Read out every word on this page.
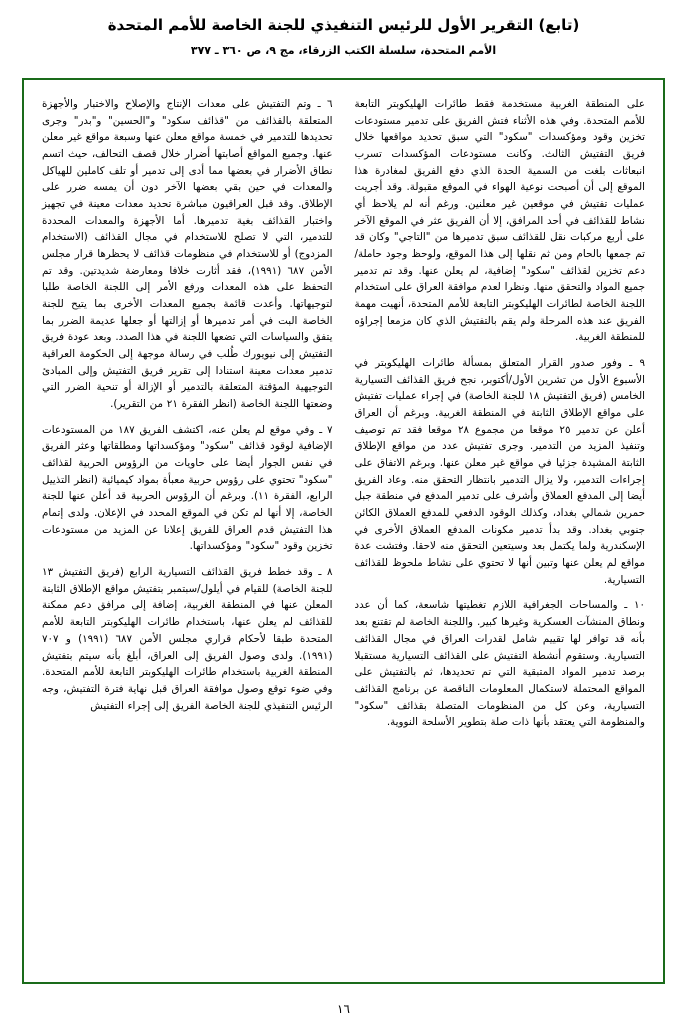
(تابع) التقرير الأول للرئيس التنفيذي للجنة الخاصة للأمم المتحدة
الأمم المتحدة، سلسلة الكتب الزرقاء، مج ٩، ص ٣٦٠ ـ ٣٧٧

على المنطقة الغربية مستخدمة فقط طائرات الهليكوبتر التابعة للأمم المتحدة. وفي هذه الأثناء فتش الفريق على تدمير مستودعات تخزين وقود ومؤكسدات "سكود" التي سبق تحديد مواقعها خلال فريق التفتيش الثالث. وكانت مستودعات المؤكسدات تسرب انبعاثات بلغت من السمية الحدة الذي دفع الفريق لمغادرة هذا الموقع إلى أن أصبحت نوعية الهواء في الموقع مقبولة. وقد أجريت عمليات تفتيش في موقعين غير معلنين. ورغم أنه لم يلاحظ أي نشاط للقذائف في أحد المرافق، إلا أن الفريق عثر في الموقع الآخر على أربع مركبات نقل للقذائف سبق تدميرها من "التاجي" وكان قد تم جمعها بالحام ومن ثم نقلها إلى هذا الموقع، ولوحظ وجود حاملة/دعم تخزين لقذائف "سكود" إضافية، لم يعلن عنها. وقد تم تدمير جميع المواد والتحقق منها. ونظرا لعدم موافقة العراق على استخدام اللجنة الخاصة لطائرات الهليكوبتر التابعة للأمم المتحدة، أنهيت مهمة الفريق عند هذه المرحلة ولم يقم بالتفتيش الذي كان مزمعا إجراؤه للمنطقة الغربية.

٩ ـ وفور صدور القرار المتعلق بمسألة طائرات الهليكوبتر في الأسبوع الأول من تشرين الأول/أكتوبر، نجح فريق القذائف التسيارية الخامس (فريق التفتيش ١٨ للجنة الخاصة) في إجراء عمليات تفتيش على مواقع الإطلاق الثابتة في المنطقة الغربية. وبرغم أن العراق أعلن عن تدمير ٢٥ موقعا من مجموع ٢٨ موقعا فقد تم توصيف وتنفيذ المزيد من التدمير. وجرى تفتيش عدد من مواقع الإطلاق الثابتة المشيدة جزئيا في مواقع غير معلن عنها. وبرغم الاتفاق على إجراءات التدمير، ولا يزال التدمير بانتظار التحقق منه. وعاد الفريق أيضا إلى المدفع العملاق وأشرف على تدمير المدفع في منطقة جبل حمرين شمالي بغداد، وكذلك الوقود الدفعي للمدفع العملاق الكائن جنوبي بغداد. وقد بدأ تدمير مكونات المدفع العملاق الأخرى في الإسكندرية ولما يكتمل بعد وسيتعين التحقق منه لاحقا. وفتشت عدة مواقع لم يعلن عنها وتبين أنها لا تحتوي على نشاط ملحوظ للقذائف التسيارية.

١٠ ـ والمساحات الجغرافية اللازم تغطيتها شاسعة، كما أن عدد ونطاق المنشآت العسكرية وغيرها كبير. واللجنة الخاصة لم تقتنع بعد بأنه قد توافر لها تقييم شامل لقدرات العراق في مجال القذائف التسيارية. وستقوم أنشطة التفتيش على القذائف التسيارية مستقبلا برصد تدمير المواد المتبقية التي تم تحديدها، ثم بالتفتيش على المواقع المحتملة لاستكمال المعلومات الناقصة عن برنامج القذائف التسيارية، وعن كل من المنظومات المتصلة بقذائف "سكود" والمنظومة التي يعتقد بأنها ذات صلة بتطوير الأسلحة النووية.

٦ ـ وتم التفتيش على معدات الإنتاج والإصلاح والاختبار والأجهزة المتعلقة بالقذائف من "قذائف سكود" و"الحسين" و"بدر" وجرى تحديدها للتدمير في خمسة مواقع معلن عنها وسبعة مواقع غير معلن عنها. وجميع المواقع أصابتها أضرار خلال قصف التحالف، حيث اتسم نطاق الأضرار في بعضها مما أدى إلى تدمير أو تلف كاملين للهياكل والمعدات في حين بقي بعضها الآخر دون أن يمسه ضرر على الإطلاق. وقد قبل العراقيون مباشرة تحديد معدات معينة في تجهيز واختبار القذائف بغية تدميرها. أما الأجهزة والمعدات المحددة للتدمير، التي لا تصلح للاستخدام في مجال القذائف (الاستخدام المزدوج) أو للاستخدام في منظومات قذائف لا يحظرها قرار مجلس الأمن ٦٨٧ (١٩٩١)، فقد أثارت خلافا ومعارضة شديدتين. وقد تم التحفظ على هذه المعدات ورفع الأمر إلى اللجنة الخاصة طلبا لتوجيهاتها. وأعدت قائمة بجميع المعدات الأخرى بما يتيح للجنة الخاصة البت في أمر تدميرها أو إزالتها أو جعلها عديمة الضرر بما يتفق والسياسات التي تضعها اللجنة في هذا الصدد. وبعد عودة فريق التفتيش إلى نيويورك طُلب في رسالة موجهة إلى الحكومة العراقية تدمير معدات معينة استنادا إلى تقرير فريق التفتيش وإلى المبادئ التوجيهية المؤقتة المتعلقة بالتدمير أو الإزالة أو تنحية الضرر التي وضعتها اللجنة الخاصة (انظر الفقرة ٢١ من التقرير).

٧ ـ وفي موقع لم يعلن عنه، اكتشف الفريق ١٨٧ من المستودعات الإضافية لوقود قذائف "سكود" ومؤكسداتها ومطلقاتها وعثر الفريق في نفس الجوار أيضا على حاويات من الرؤوس الحربية لقذائف "سكود" تحتوي على رؤوس حربية معبأة بمواد كيميائية (انظر التذييل الرابع، الفقرة ١١). وبرغم أن الرؤوس الحربية قد أعلن عنها للجنة الخاصة، إلا أنها لم تكن في الموقع المحدد في الإعلان. ولدى إتمام هذا التفتيش قدم العراق للفريق إعلانا عن المزيد من مستودعات تخزين وقود "سكود" ومؤكسداتها.

٨ ـ وقد خطط فريق القذائف التسيارية الرابع (فريق التفتيش ١٣ للجنة الخاصة) للقيام في أيلول/سبتمبر بتفتيش مواقع الإطلاق الثابتة المعلن عنها في المنطقة الغربية، إضافة إلى مرافق دعم ممكنة للقذائف لم يعلن عنها، باستخدام طائرات الهليكوبتر التابعة للأمم المتحدة طبقا لأحكام قراري مجلس الأمن ٦٨٧ (١٩٩١) و ٧٠٧ (١٩٩١). ولدى وصول الفريق إلى العراق، أبلغ بأنه سيتم بتفتيش المنطقة الغربية باستخدام طائرات الهليكوبتر التابعة للأمم المتحدة. وفي ضوء توقع وصول موافقة العراق قبل نهاية فترة التفتيش، وجه الرئيس التنفيذي للجنة الخاصة الفريق إلى إجراء التفتيش

١٦
